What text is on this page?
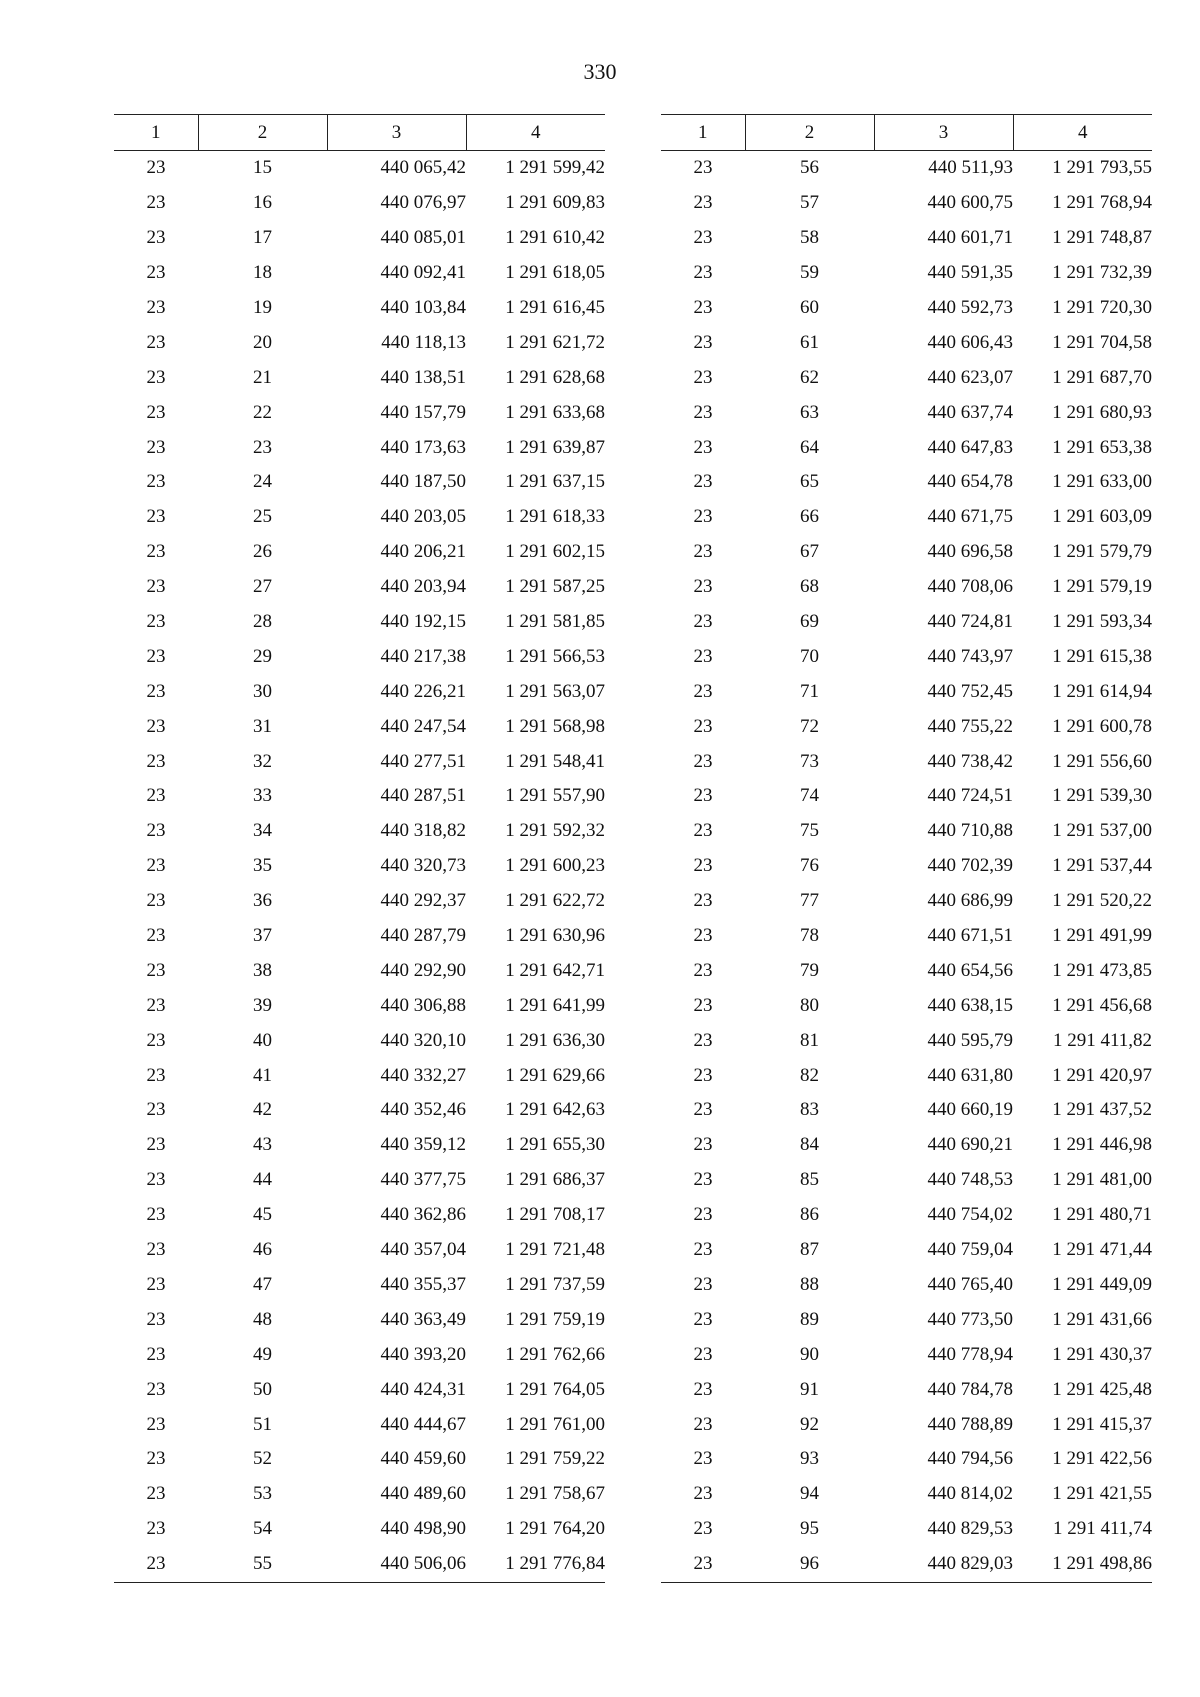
330
1	2	3	4
23	15	440 065,42	1 291 599,42
23	16	440 076,97	1 291 609,83
23	17	440 085,01	1 291 610,42
23	18	440 092,41	1 291 618,05
23	19	440 103,84	1 291 616,45
23	20	440 118,13	1 291 621,72
23	21	440 138,51	1 291 628,68
23	22	440 157,79	1 291 633,68
23	23	440 173,63	1 291 639,87
23	24	440 187,50	1 291 637,15
23	25	440 203,05	1 291 618,33
23	26	440 206,21	1 291 602,15
23	27	440 203,94	1 291 587,25
23	28	440 192,15	1 291 581,85
23	29	440 217,38	1 291 566,53
23	30	440 226,21	1 291 563,07
23	31	440 247,54	1 291 568,98
23	32	440 277,51	1 291 548,41
23	33	440 287,51	1 291 557,90
23	34	440 318,82	1 291 592,32
23	35	440 320,73	1 291 600,23
23	36	440 292,37	1 291 622,72
23	37	440 287,79	1 291 630,96
23	38	440 292,90	1 291 642,71
23	39	440 306,88	1 291 641,99
23	40	440 320,10	1 291 636,30
23	41	440 332,27	1 291 629,66
23	42	440 352,46	1 291 642,63
23	43	440 359,12	1 291 655,30
23	44	440 377,75	1 291 686,37
23	45	440 362,86	1 291 708,17
23	46	440 357,04	1 291 721,48
23	47	440 355,37	1 291 737,59
23	48	440 363,49	1 291 759,19
23	49	440 393,20	1 291 762,66
23	50	440 424,31	1 291 764,05
23	51	440 444,67	1 291 761,00
23	52	440 459,60	1 291 759,22
23	53	440 489,60	1 291 758,67
23	54	440 498,90	1 291 764,20
23	55	440 506,06	1 291 776,84
1	2	3	4
23	56	440 511,93	1 291 793,55
23	57	440 600,75	1 291 768,94
23	58	440 601,71	1 291 748,87
23	59	440 591,35	1 291 732,39
23	60	440 592,73	1 291 720,30
23	61	440 606,43	1 291 704,58
23	62	440 623,07	1 291 687,70
23	63	440 637,74	1 291 680,93
23	64	440 647,83	1 291 653,38
23	65	440 654,78	1 291 633,00
23	66	440 671,75	1 291 603,09
23	67	440 696,58	1 291 579,79
23	68	440 708,06	1 291 579,19
23	69	440 724,81	1 291 593,34
23	70	440 743,97	1 291 615,38
23	71	440 752,45	1 291 614,94
23	72	440 755,22	1 291 600,78
23	73	440 738,42	1 291 556,60
23	74	440 724,51	1 291 539,30
23	75	440 710,88	1 291 537,00
23	76	440 702,39	1 291 537,44
23	77	440 686,99	1 291 520,22
23	78	440 671,51	1 291 491,99
23	79	440 654,56	1 291 473,85
23	80	440 638,15	1 291 456,68
23	81	440 595,79	1 291 411,82
23	82	440 631,80	1 291 420,97
23	83	440 660,19	1 291 437,52
23	84	440 690,21	1 291 446,98
23	85	440 748,53	1 291 481,00
23	86	440 754,02	1 291 480,71
23	87	440 759,04	1 291 471,44
23	88	440 765,40	1 291 449,09
23	89	440 773,50	1 291 431,66
23	90	440 778,94	1 291 430,37
23	91	440 784,78	1 291 425,48
23	92	440 788,89	1 291 415,37
23	93	440 794,56	1 291 422,56
23	94	440 814,02	1 291 421,55
23	95	440 829,53	1 291 411,74
23	96	440 829,03	1 291 498,86
